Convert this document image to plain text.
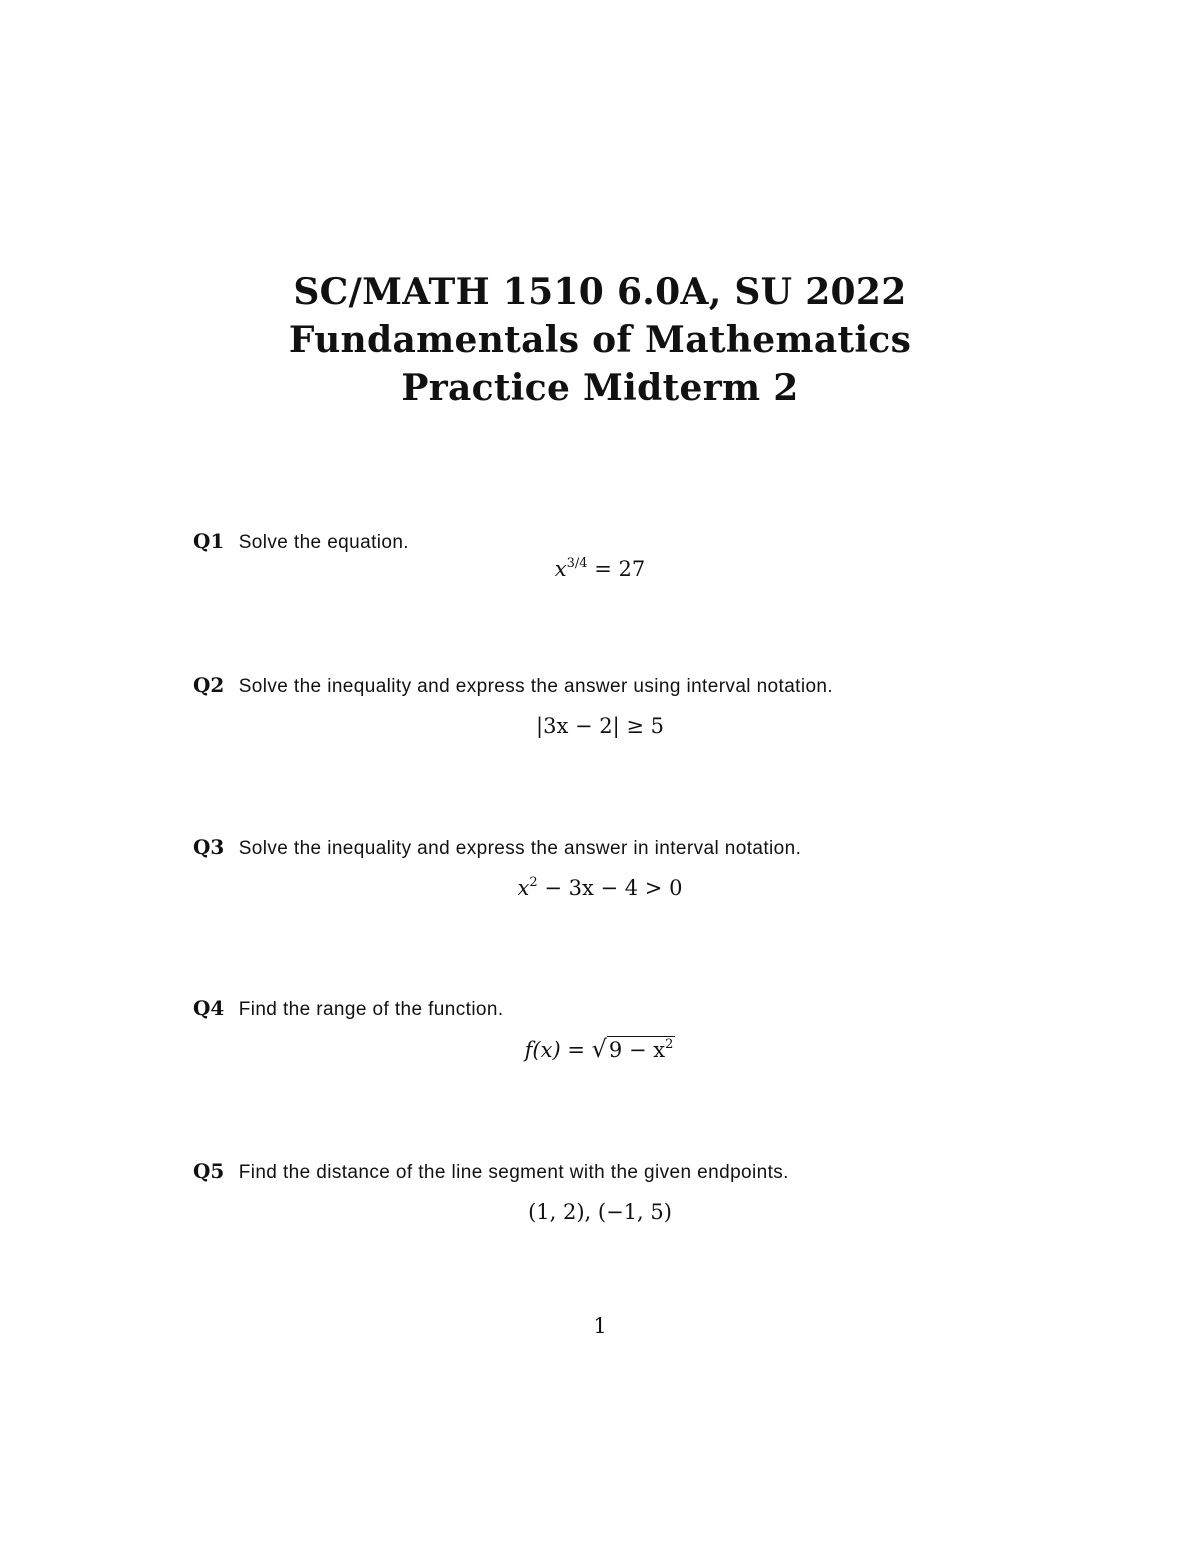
SC/MATH 1510 6.0A, SU 2022
Fundamentals of Mathematics
Practice Midterm 2
Q1 Solve the equation.
$x^{3/4} = 27$
Q2 Solve the inequality and express the answer using interval notation.
|3x − 2| ≥ 5
Q3 Solve the inequality and express the answer in interval notation.
$x^2 - 3x - 4 > 0$
Q4 Find the range of the function.
$f(x) = √9 - x^2$
Q5 Find the distance of the line segment with the given endpoints.
(1, 2), (−1, 5)
1
